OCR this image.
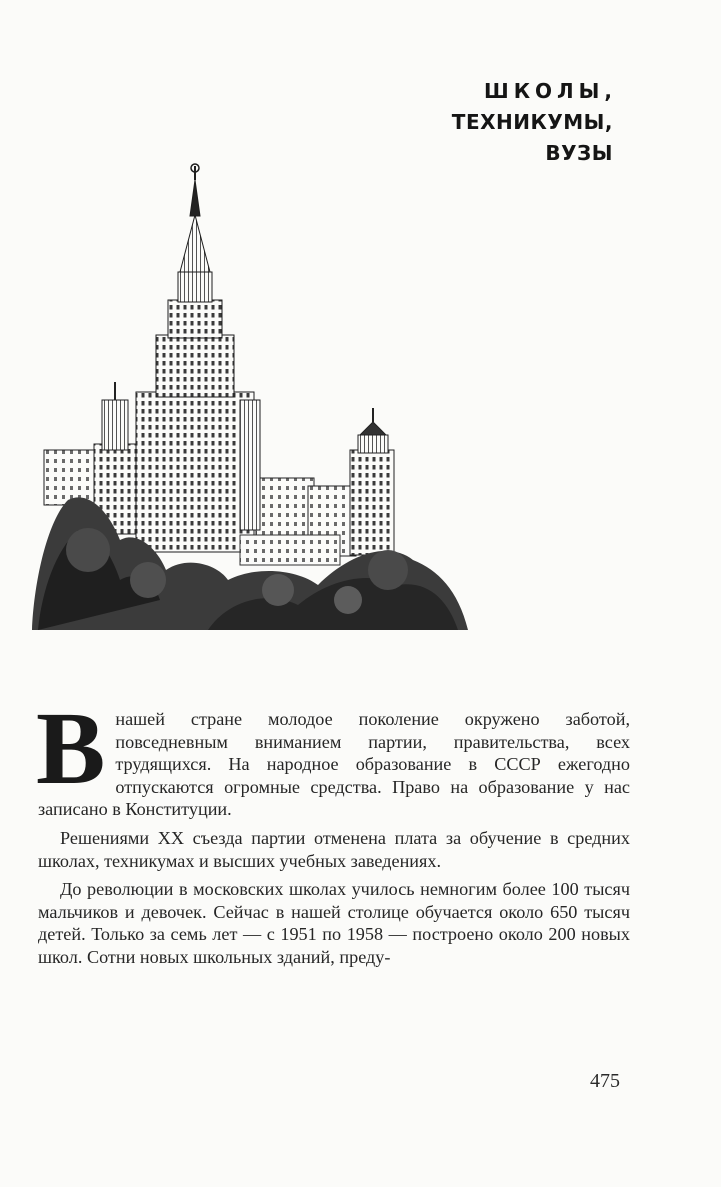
ШКОЛЫ,
ТЕХНИКУМЫ,
ВУЗЫ

В нашей стране молодое поколение окружено заботой, повседневным вниманием партии, правительства, всех трудящихся. На народное образование в СССР ежегодно отпускаются огромные средства. Право на образование у нас записано в Конституции.

Решениями XX съезда партии отменена плата за обучение в средних школах, техникумах и высших учебных заведениях.

До революции в московских школах училось немногим более 100 тысяч мальчиков и девочек. Сейчас в нашей столице обучается около 650 тысяч детей. Только за семь лет — с 1951 по 1958 — построено около 200 новых школ. Сотни новых школьных зданий, преду-

475
